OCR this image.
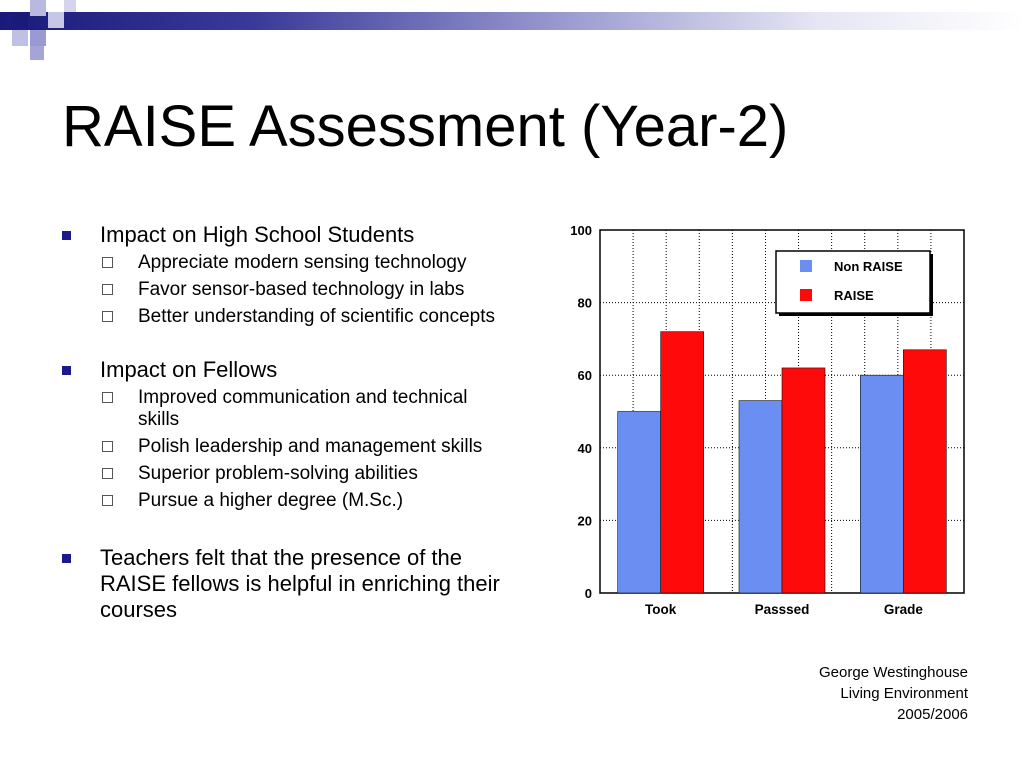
RAISE Assessment (Year-2)
Impact on High School Students
Appreciate modern sensing technology
Favor sensor-based technology in labs
Better understanding of scientific concepts
Impact on Fellows
Improved communication and technical skills
Polish leadership and management skills
Superior problem-solving abilities
Pursue a higher degree (M.Sc.)
Teachers felt that the presence of the RAISE fellows is helpful in enriching their courses
0
20
40
60
80
100
Took	Passsed	Grade
Non RAISE
RAISE
George Westinghouse
Living Environment
2005/2006
